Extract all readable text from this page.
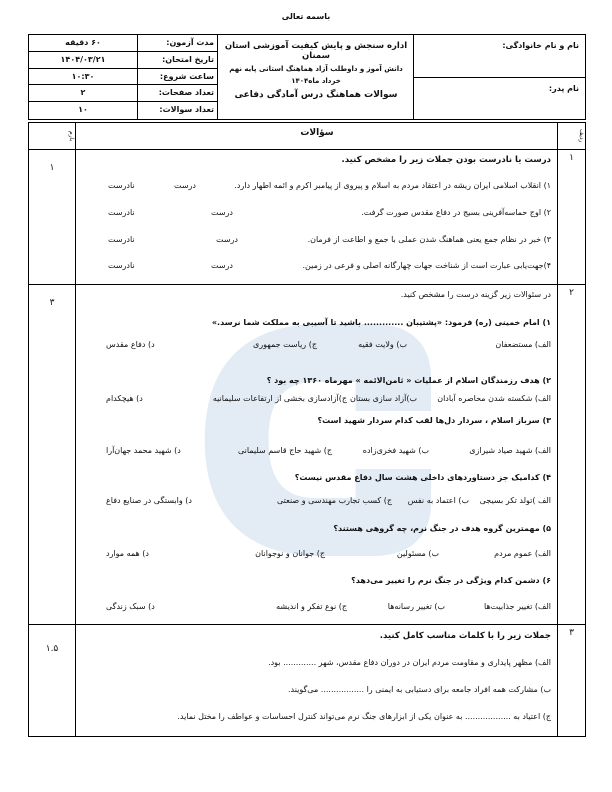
باسمه تعالی
نام و نام خانوادگی:
نام پدر:
اداره سنجش و پایش کیفیت آموزشی استان سمنان
دانش آموز و داوطلب آزاد هماهنگ استانی پایه نهم
خرداد ماه۱۴۰۴
سوالات هماهنگ درس آمادگی دفاعی
مدت آزمون:
۶۰ دقیقه
تاریخ امتحان:
۱۴۰۴/۰۳/۲۱
ساعت شروع:
۱۰:۳۰
تعداد صفحات:
۲
تعداد سوالات:
۱۰
ردیف
سؤالات
بارم
۱
درست یا نادرست بودن جملات زیر را مشخص کنید.
۱) انقلاب اسلامی ایران ریشه در اعتقاد مردم به اسلام و پیروی از پیامبر اکرم و ائمه اطهار دارد.
درست
نادرست
۲) اوج حماسه‌آفرینی بسیج در دفاع مقدس صورت گرفت.
درست
نادرست
۳) خبر در نظام جمع یعنی هماهنگ شدن عملی با جمع و اطاعت از فرمان.
درست
نادرست
۴)جهت‌یابی عبارت است از شناخت جهات چهارگانه اصلی و فرعی در زمین.
درست
نادرست
۱
۲
در سئوالات زیر گزینه درست را مشخص کنید.
۱) امام خمینی (ره) فرمود: «پشتیبان ............. باشید تا آسیبی به مملکت شما نرسد.»
الف) مستضعفان
ب) ولایت فقیه
ج) ریاست جمهوری
د) دفاع مقدس
۲) هدف رزمندگان اسلام از عملیات « ثامن‌الائمه » مهرماه ۱۳۶۰ چه بود ؟
الف) شکسته شدن محاصره آبادان
ب)آزاد سازی بستان
ج)آزادسازی بخشی از ارتفاعات سلیمانیه
د) هیچکدام
۳) سرباز اسلام ، سردار دل‌ها لقب کدام سردار شهید است؟
الف) شهید صیاد شیرازی
ب) شهید فخری‌زاده
ج) شهید حاج قاسم سلیمانی
د) شهید محمد جهان‌آرا
۴) کدامیک جز دستاوردهای داخلی هشت سال دفاع مقدس نیست؟
الف )تولد تکر بسیجی
ب) اعتماد به نفس
ج) کسب تجارب مهندسی و صنعتی
د) وابستگی در صنایع دفاع
۵) مهمترین گروه هدف در جنگ نرم، چه گروهی هستند؟
الف) عموم مردم
ب) مسئولین
ج) جوانان و نوجوانان
د) همه موارد
۶) دشمن کدام ویژگی در جنگ نرم را تغییر می‌دهد؟
الف) تغییر جذابیت‌ها
ب) تغییر رسانه‌ها
ج) نوع تفکر و اندیشه
د) سبک زندگی
۳
۳
جملات زیر را با کلمات مناسب کامل کنید.
الف) مظهر پایداری و مقاومت مردم ایران در دوران دفاع مقدس، شهر ............. بود.
ب) مشارکت همه افراد جامعه برای دستیابی به ایمنی را ................. می‌گویند.
ج) اعتیاد به .................. به عنوان یکی از ابزارهای جنگ نرم می‌تواند کنترل احساسات و عواطف را مختل نماید.
۱.۵
